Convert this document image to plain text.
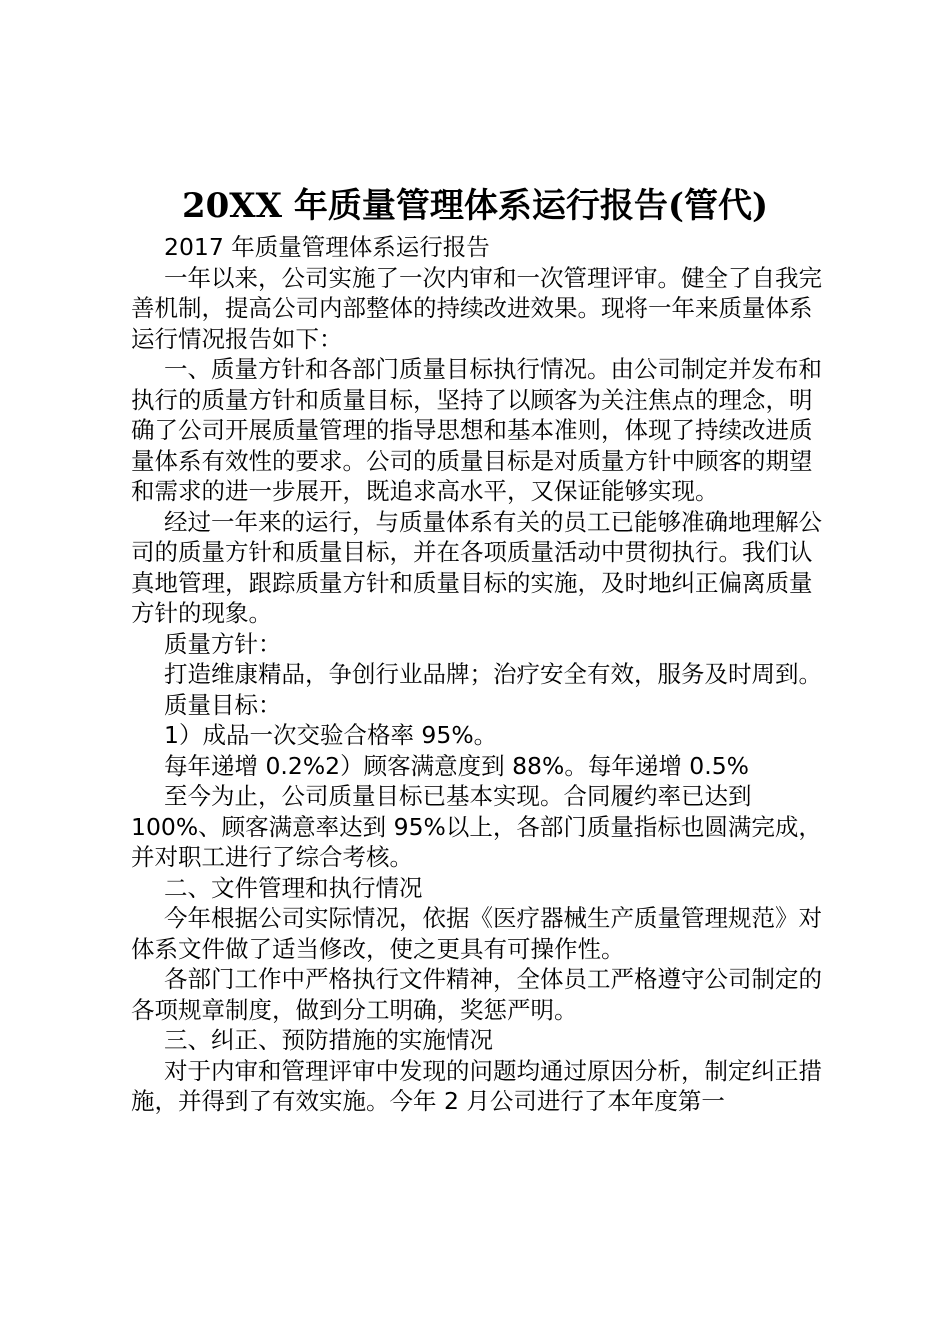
20XX 年质量管理体系运行报告(管代)

2017 年质量管理体系运行报告

一年以来，公司实施了一次内审和一次管理评审。健全了自我完善机制，提高公司内部整体的持续改进效果。现将一年来质量体系运行情况报告如下：

一、质量方针和各部门质量目标执行情况。由公司制定并发布和执行的质量方针和质量目标，坚持了以顾客为关注焦点的理念，明确了公司开展质量管理的指导思想和基本准则，体现了持续改进质量体系有效性的要求。公司的质量目标是对质量方针中顾客的期望和需求的进一步展开，既追求高水平，又保证能够实现。

经过一年来的运行，与质量体系有关的员工已能够准确地理解公司的质量方针和质量目标，并在各项质量活动中贯彻执行。我们认真地管理，跟踪质量方针和质量目标的实施，及时地纠正偏离质量方针的现象。

质量方针：

打造维康精品，争创行业品牌；治疗安全有效，服务及时周到。

质量目标：

1）成品一次交验合格率 95%。

每年递增 0.2%2）顾客满意度到 88%。每年递增 0.5%

至今为止，公司质量目标已基本实现。合同履约率已达到 100%、顾客满意率达到 95%以上，各部门质量指标也圆满完成，并对职工进行了综合考核。

二、文件管理和执行情况

今年根据公司实际情况，依据《医疗器械生产质量管理规范》对体系文件做了适当修改，使之更具有可操作性。

各部门工作中严格执行文件精神，全体员工严格遵守公司制定的各项规章制度，做到分工明确，奖惩严明。

三、纠正、预防措施的实施情况

对于内审和管理评审中发现的问题均通过原因分析，制定纠正措施，并得到了有效实施。今年 2 月公司进行了本年度第一
